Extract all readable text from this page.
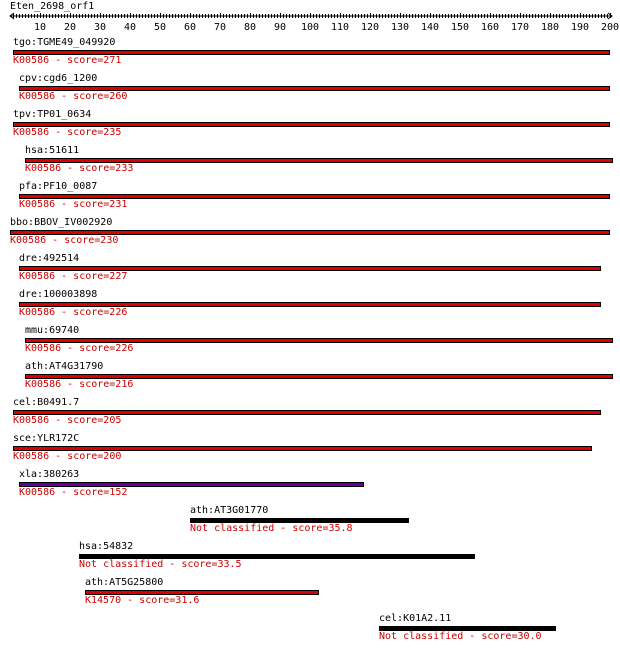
Eten_2698_orf1
10 20 30 40 50 60 70 80 90 100 110 120 130 140 150 160 170 180 190 200
tgo:TGME49_049920
K00586 - score=271
cpv:cgd6_1200
K00586 - score=260
tpv:TP01_0634
K00586 - score=235
hsa:51611
K00586 - score=233
pfa:PF10_0087
K00586 - score=231
bbo:BBOV_IV002920
K00586 - score=230
dre:492514
K00586 - score=227
dre:100003898
K00586 - score=226
mmu:69740
K00586 - score=226
ath:AT4G31790
K00586 - score=216
cel:B0491.7
K00586 - score=205
sce:YLR172C
K00586 - score=200
xla:380263
K00586 - score=152
ath:AT3G01770
Not classified - score=35.8
hsa:54832
Not classified - score=33.5
ath:AT5G25800
K14570 - score=31.6
cel:K01A2.11
Not classified - score=30.0
